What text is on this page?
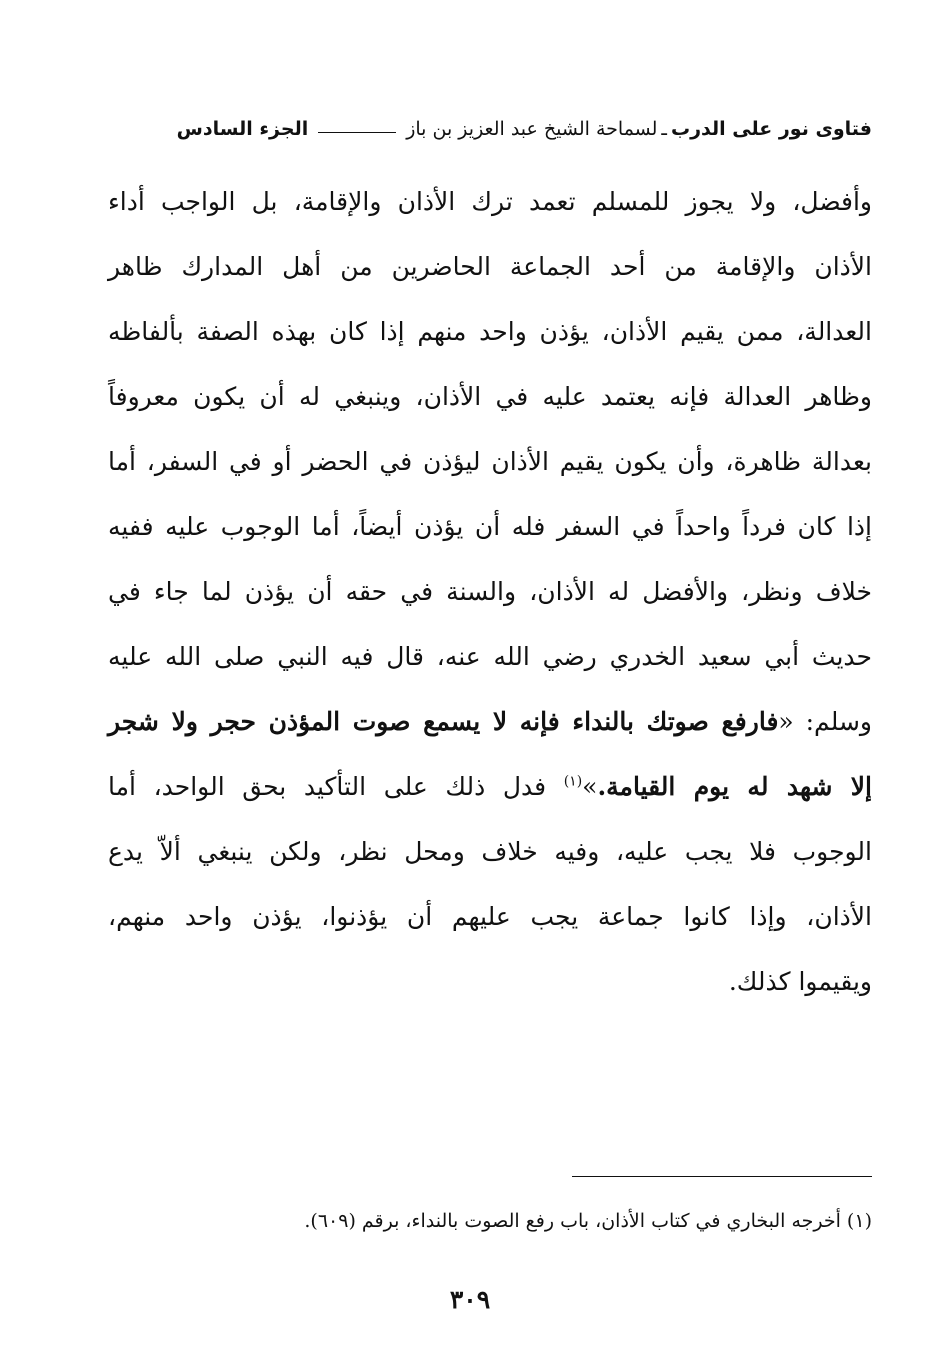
فتاوى نور على الدرب
ـ
لسماحة الشيخ عبد العزيز بن باز
الجزء السادس
وأفضل، ولا يجوز للمسلم تعمد ترك الأذان والإقامة، بل الواجب أداء
الأذان والإقامة من أحد الجماعة الحاضرين من أهل المدارك ظاهر
العدالة، ممن يقيم الأذان، يؤذن واحد منهم إذا كان بهذه الصفة بألفاظه
وظاهر العدالة فإنه يعتمد عليه في الأذان، وينبغي له أن يكون معروفاً
بعدالة ظاهرة، وأن يكون يقيم الأذان ليؤذن في الحضر أو في السفر، أما
إذا كان فرداً واحداً في السفر فله أن يؤذن أيضاً، أما الوجوب عليه ففيه
خلاف ونظر، والأفضل له الأذان، والسنة في حقه أن يؤذن لما جاء في
حديث أبي سعيد الخدري رضي الله عنه، قال فيه النبي صلى الله عليه
وسلم: «فارفع صوتك بالنداء فإنه لا يسمع صوت المؤذن حجر ولا شجر
إلا شهد له يوم القيامة.»$^{(١)}$ فدل ذلك على التأكيد بحق الواحد، أما
الوجوب فلا يجب عليه، وفيه خلاف ومحل نظر، ولكن ينبغي ألاّ يدع
الأذان، وإذا كانوا جماعة يجب عليهم أن يؤذنوا، يؤذن واحد منهم،
ويقيموا كذلك.
(١) أخرجه البخاري في كتاب الأذان، باب رفع الصوت بالنداء، برقم (٦٠٩).
٣٠٩
